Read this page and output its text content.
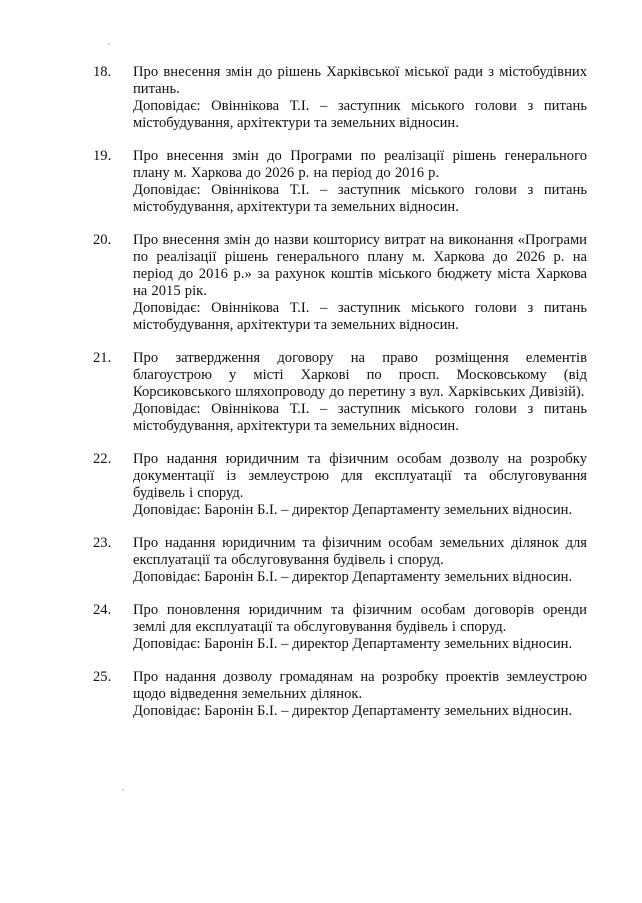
18. Про внесення змін до рішень Харківської міської ради з містобудівних питань.
Доповідає: Овіннікова Т.І. – заступник міського голови з питань містобудування, архітектури та земельних відносин.
19. Про внесення змін до Програми по реалізації рішень генерального плану м. Харкова до 2026 р. на період до 2016 р.
Доповідає: Овіннікова Т.І. – заступник міського голови з питань містобудування, архітектури та земельних відносин.
20. Про внесення змін до назви кошторису витрат на виконання «Програми по реалізації рішень генерального плану м. Харкова до 2026 р. на період до 2016 р.» за рахунок коштів міського бюджету міста Харкова на 2015 рік.
Доповідає: Овіннікова Т.І. – заступник міського голови з питань містобудування, архітектури та земельних відносин.
21. Про затвердження договору на право розміщення елементів благоустрою у місті Харкові по просп. Московському (від Корсиковського шляхопроводу до перетину з вул. Харківських Дивізій).
Доповідає: Овіннікова Т.І. – заступник міського голови з питань містобудування, архітектури та земельних відносин.
22. Про надання юридичним та фізичним особам дозволу на розробку документації із землеустрою для експлуатації та обслуговування будівель і споруд.
Доповідає: Баронін Б.І. – директор Департаменту земельних відносин.
23. Про надання юридичним та фізичним особам земельних ділянок для експлуатації та обслуговування будівель і споруд.
Доповідає: Баронін Б.І. – директор Департаменту земельних відносин.
24. Про поновлення юридичним та фізичним особам договорів оренди землі для експлуатації та обслуговування будівель і споруд.
Доповідає: Баронін Б.І. – директор Департаменту земельних відносин.
25. Про надання дозволу громадянам на розробку проектів землеустрою щодо відведення земельних ділянок.
Доповідає: Баронін Б.І. – директор Департаменту земельних відносин.
